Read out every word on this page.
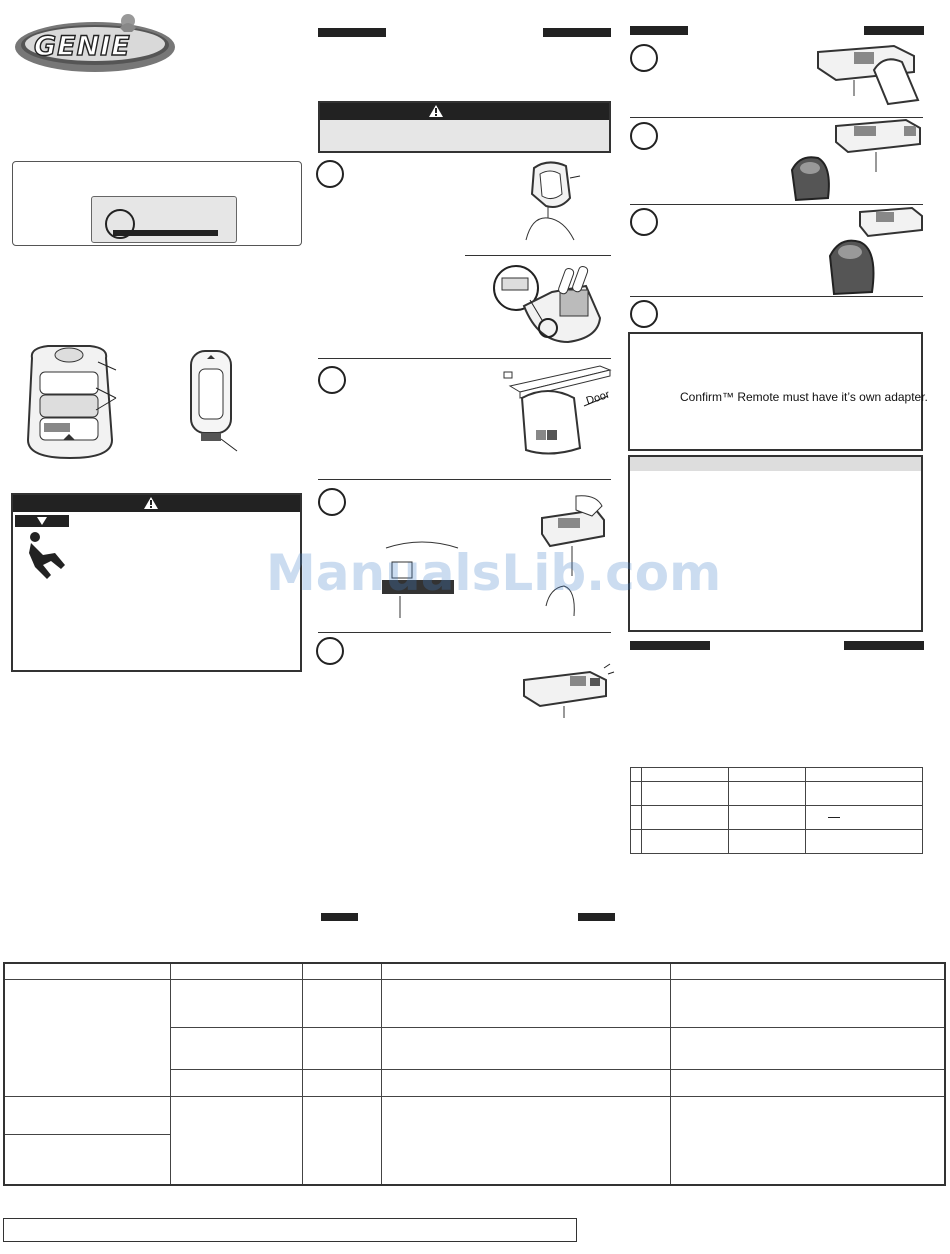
GENIE
Door	Confirm™ Remote must have it’s own adapter.

ManualsLib.com
